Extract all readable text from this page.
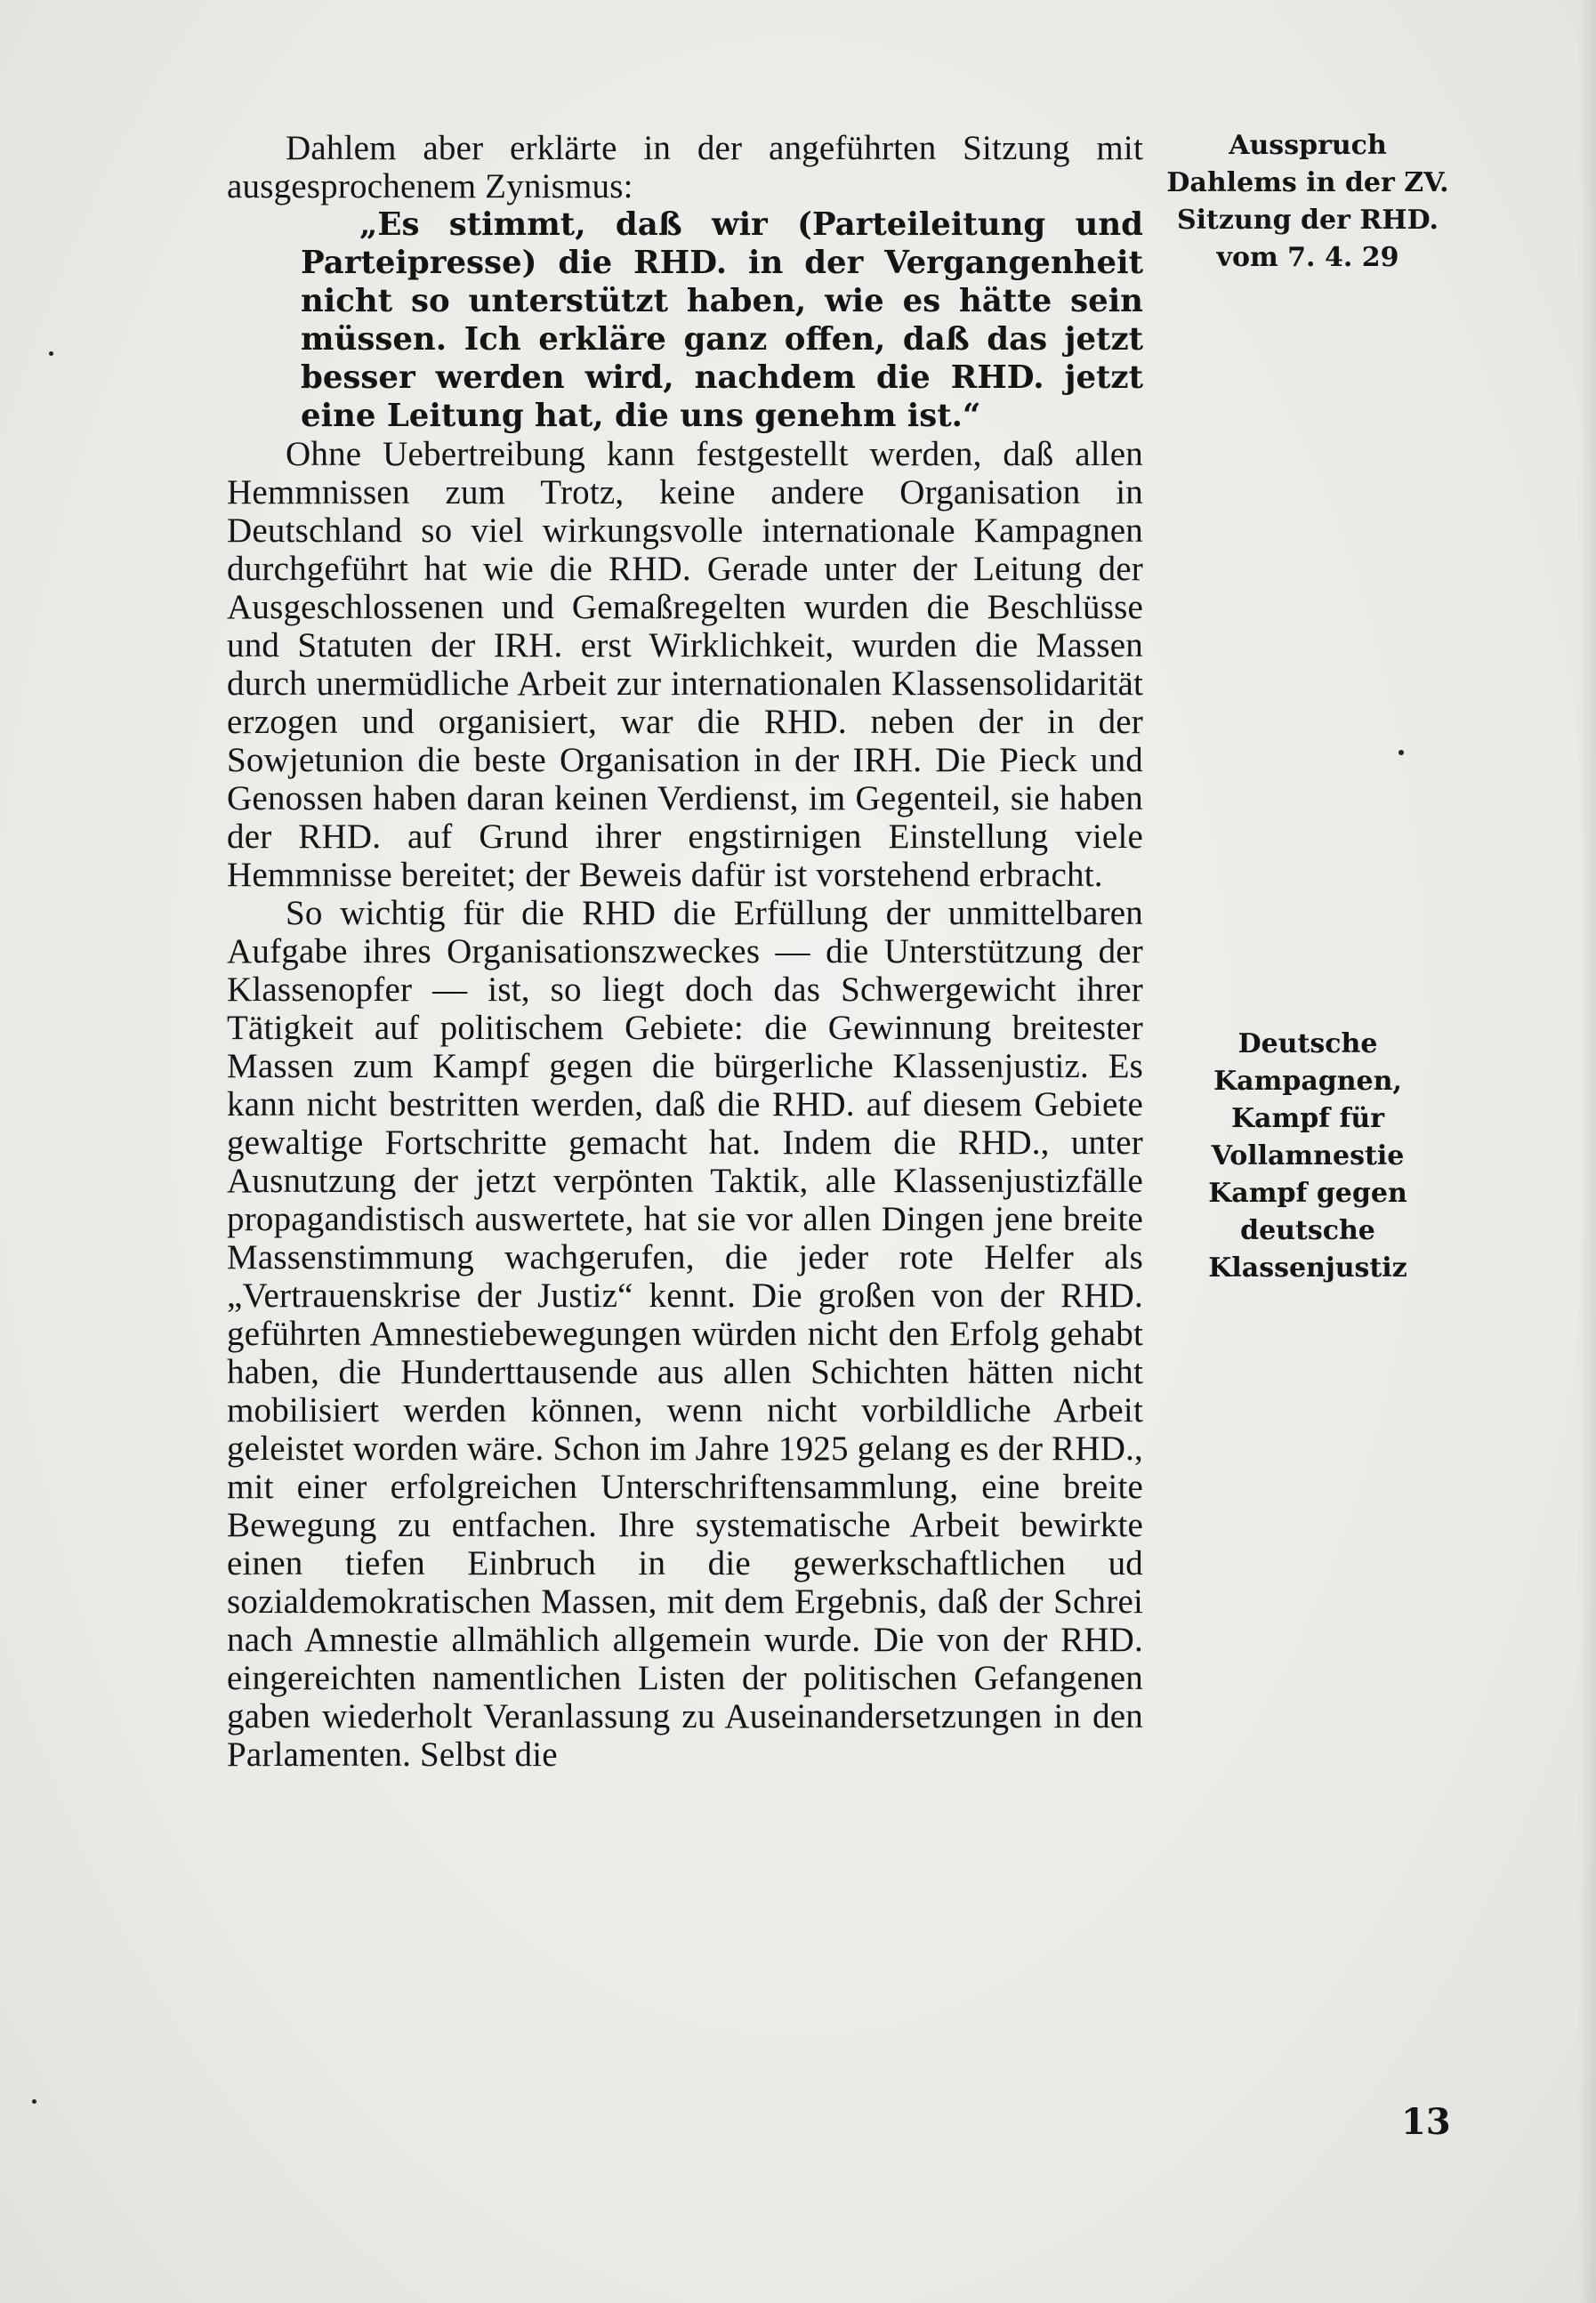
Dahlem aber erklärte in der angeführten Sitzung mit ausgesprochenem Zynismus:

„Es stimmt, daß wir (Parteileitung und Parteipresse) die RHD. in der Vergangenheit nicht so unterstützt haben, wie es hätte sein müssen. Ich erkläre ganz offen, daß das jetzt besser werden wird, nachdem die RHD. jetzt eine Leitung hat, die uns genehm ist.“

Ohne Uebertreibung kann festgestellt werden, daß allen Hemmnissen zum Trotz, keine andere Organisation in Deutschland so viel wirkungsvolle internationale Kampagnen durchgeführt hat wie die RHD. Gerade unter der Leitung der Ausgeschlossenen und Gemaßregelten wurden die Beschlüsse und Statuten der IRH. erst Wirklichkeit, wurden die Massen durch unermüdliche Arbeit zur internationalen Klassensolidarität erzogen und organisiert, war die RHD. neben der in der Sowjetunion die beste Organisation in der IRH. Die Pieck und Genossen haben daran keinen Verdienst, im Gegenteil, sie haben der RHD. auf Grund ihrer engstirnigen Einstellung viele Hemmnisse bereitet; der Beweis dafür ist vorstehend erbracht.

So wichtig für die RHD die Erfüllung der unmittelbaren Aufgabe ihres Organisationszweckes — die Unterstützung der Klassenopfer — ist, so liegt doch das Schwergewicht ihrer Tätigkeit auf politischem Gebiete: die Gewinnung breitester Massen zum Kampf gegen die bürgerliche Klassenjustiz. Es kann nicht bestritten werden, daß die RHD. auf diesem Gebiete gewaltige Fortschritte gemacht hat. Indem die RHD., unter Ausnutzung der jetzt verpönten Taktik, alle Klassenjustizfälle propagandistisch auswertete, hat sie vor allen Dingen jene breite Massenstimmung wachgerufen, die jeder rote Helfer als „Vertrauenskrise der Justiz“ kennt. Die großen von der RHD. geführten Amnestiebewegungen würden nicht den Erfolg gehabt haben, die Hunderttausende aus allen Schichten hätten nicht mobilisiert werden können, wenn nicht vorbildliche Arbeit geleistet worden wäre. Schon im Jahre 1925 gelang es der RHD., mit einer erfolgreichen Unterschriftensammlung, eine breite Bewegung zu entfachen. Ihre systematische Arbeit bewirkte einen tiefen Einbruch in die gewerkschaftlichen ud sozialdemokratischen Massen, mit dem Ergebnis, daß der Schrei nach Amnestie allmählich allgemein wurde. Die von der RHD. eingereichten namentlichen Listen der politischen Gefangenen gaben wiederholt Veranlassung zu Auseinandersetzungen in den Parlamenten. Selbst die

Ausspruch Dahlems in der ZV. Sitzung der RHD. vom 7. 4. 29
Deutsche Kampagnen, Kampf für Vollamnestie Kampf gegen deutsche Klassenjustiz
13
